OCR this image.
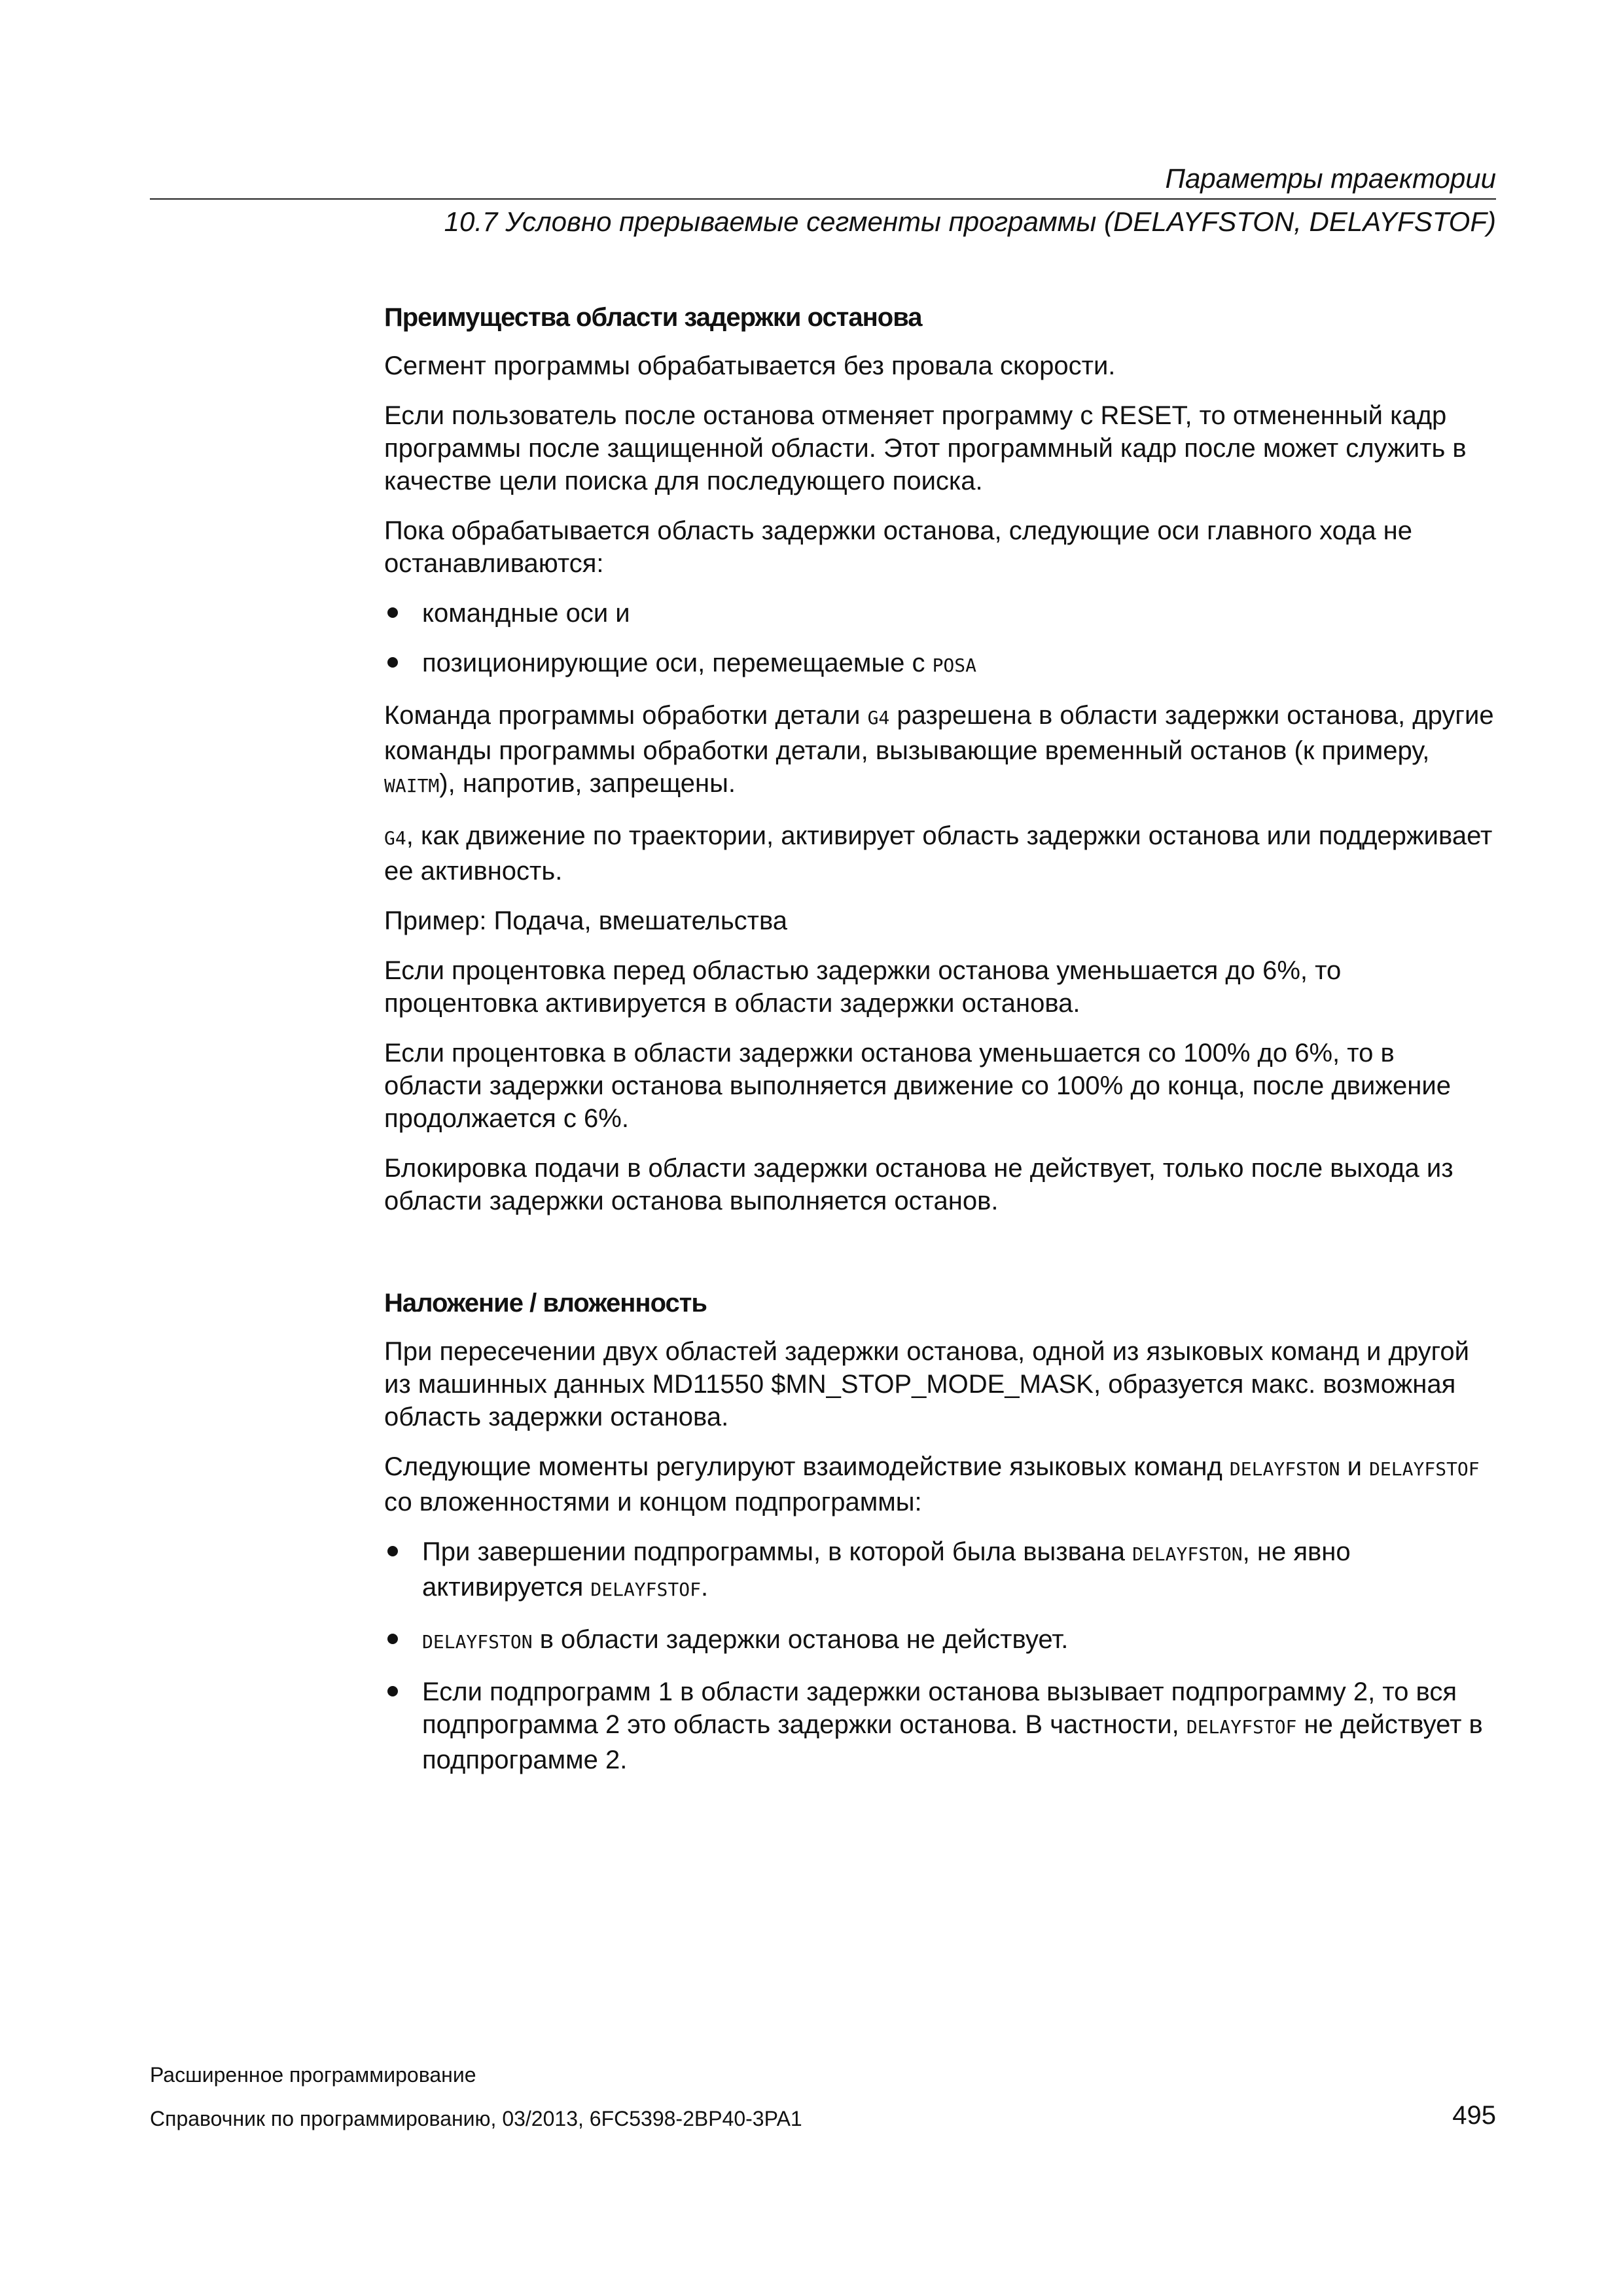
Параметры траектории
10.7 Условно прерываемые сегменты программы (DELAYFSTON, DELAYFSTOF)
Преимущества области задержки останова

Сегмент программы обрабатывается без провала скорости.

Если пользователь после останова отменяет программу с RESET, то отмененный кадр программы после защищенной области. Этот программный кадр после может служить в качестве цели поиска для последующего поиска.

Пока обрабатывается область задержки останова, следующие оси главного хода не останавливаются:

командные оси и
позиционирующие оси, перемещаемые с POSA

Команда программы обработки детали G4 разрешена в области задержки останова, другие команды программы обработки детали, вызывающие временный останов (к примеру, WAITM), напротив, запрещены.

G4, как движение по траектории, активирует область задержки останова или поддерживает ее активность.

Пример: Подача, вмешательства

Если процентовка перед областью задержки останова уменьшается до 6%, то процентовка активируется в области задержки останова.

Если процентовка в области задержки останова уменьшается со 100% до 6%, то в области задержки останова выполняется движение со 100% до конца, после движение продолжается с 6%.

Блокировка подачи в области задержки останова не действует, только после выхода из области задержки останова выполняется останов.

Наложение / вложенность

При пересечении двух областей задержки останова, одной из языковых команд и другой из машинных данных MD11550 $MN_STOP_MODE_MASK, образуется макс. возможная область задержки останова.

Следующие моменты регулируют взаимодействие языковых команд DELAYFSTON и DELAYFSTOF со вложенностями и концом подпрограммы:

При завершении подпрограммы, в которой была вызвана DELAYFSTON, не явно активируется DELAYFSTOF.
DELAYFSTON в области задержки останова не действует.
Если подпрограмм 1 в области задержки останова вызывает подпрограмму 2, то вся подпрограмма 2 это область задержки останова. В частности, DELAYFSTOF не действует в подпрограмме 2.
Расширенное программирование
Справочник по программированию, 03/2013, 6FC5398-2BP40-3PA1	495
